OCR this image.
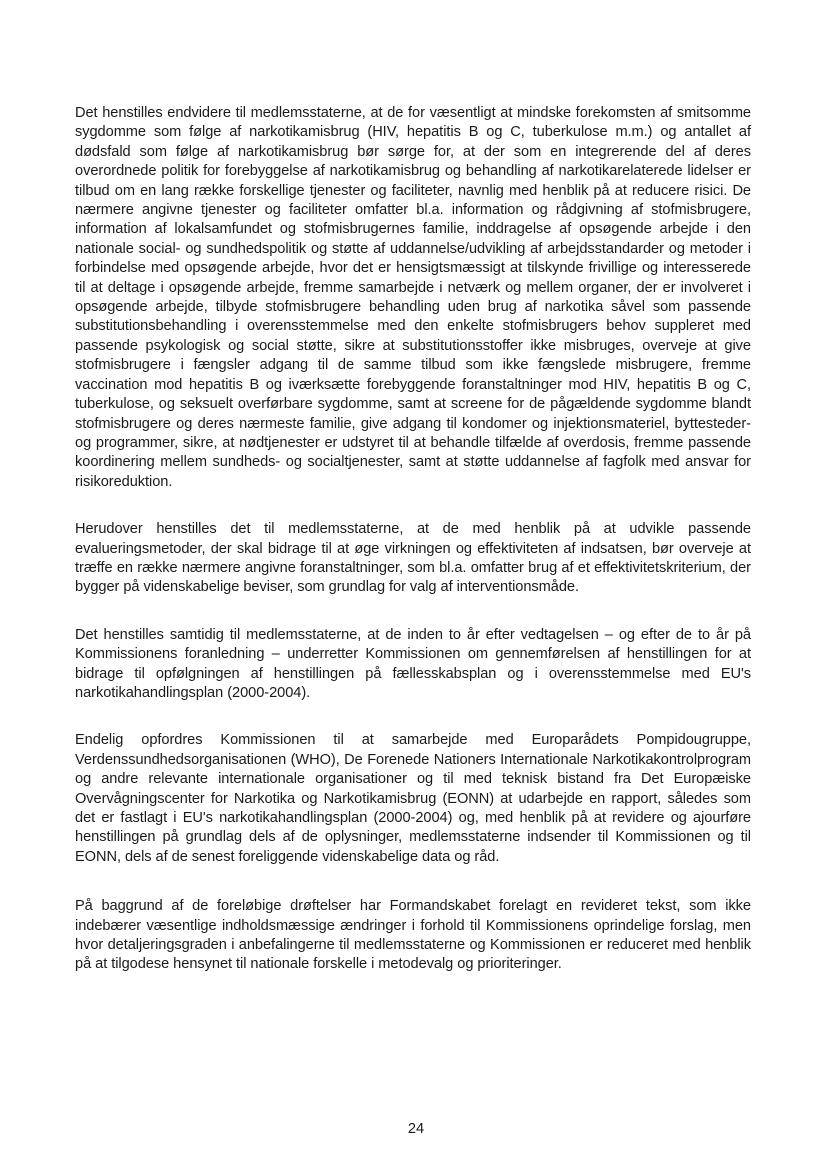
Det henstilles endvidere til medlemsstaterne, at de for væsentligt at mindske forekomsten af smitsomme sygdomme som følge af narkotikamisbrug (HIV, hepatitis B og C, tuberkulose m.m.) og antallet af dødsfald som følge af narkotikamisbrug bør sørge for, at der som en integrerende del af deres overordnede politik for forebyggelse af narkotikamisbrug og behandling af narkotikarelaterede lidelser er tilbud om en lang række forskellige tjenester og faciliteter, navnlig med henblik på at reducere risici. De nærmere angivne tjenester og faciliteter omfatter bl.a. information og rådgivning af stofmisbrugere, information af lokalsamfundet og stofmisbrugernes familie, inddragelse af opsøgende arbejde i den nationale social- og sundhedspolitik og støtte af uddannelse/udvikling af arbejdsstandarder og metoder i forbindelse med opsøgende arbejde, hvor det er hensigtsmæssigt at tilskynde frivillige og interesserede til at deltage i opsøgende arbejde, fremme samarbejde i netværk og mellem organer, der er involveret i opsøgende arbejde, tilbyde stofmisbrugere behandling uden brug af narkotika såvel som passende substitutionsbehandling i overensstemmelse med den enkelte stofmisbrugers behov suppleret med passende psykologisk og social støtte, sikre at substitutionsstoffer ikke misbruges, overveje at give stofmisbrugere i fængsler adgang til de samme tilbud som ikke fængslede misbrugere, fremme vaccination mod hepatitis B og iværksætte forebyggende foranstaltninger mod HIV, hepatitis B og C, tuberkulose, og seksuelt overførbare sygdomme, samt at screene for de pågældende sygdomme blandt stofmisbrugere og deres nærmeste familie, give adgang til kondomer og injektionsmateriel, byttesteder- og programmer, sikre, at nødtjenester er udstyret til at behandle tilfælde af overdosis, fremme passende koordinering mellem sundheds- og socialtjenester, samt at støtte uddannelse af fagfolk med ansvar for risikoreduktion.

Herudover henstilles det til medlemsstaterne, at de med henblik på at udvikle passende evalueringsmetoder, der skal bidrage til at øge virkningen og effektiviteten af indsatsen, bør overveje at træffe en række nærmere angivne foranstaltninger, som bl.a. omfatter brug af et effektivitetskriterium, der bygger på videnskabelige beviser, som grundlag for valg af interventionsmåde.

Det henstilles samtidig til medlemsstaterne, at de inden to år efter vedtagelsen – og efter de to år på Kommissionens foranledning – underretter Kommissionen om gennemførelsen af henstillingen for at bidrage til opfølgningen af henstillingen på fællesskabsplan og i overensstemmelse med EU's narkotikahandlingsplan (2000-2004).

Endelig opfordres Kommissionen til at samarbejde med Europarådets Pompidougruppe, Verdenssundhedsorganisationen (WHO), De Forenede Nationers Internationale Narkotikakontrolprogram og andre relevante internationale organisationer og til med teknisk bistand fra Det Europæiske Overvågningscenter for Narkotika og Narkotikamisbrug (EONN) at udarbejde en rapport, således som det er fastlagt i EU's narkotikahandlingsplan (2000-2004) og, med henblik på at revidere og ajourføre henstillingen på grundlag dels af de oplysninger, medlemsstaterne indsender til Kommissionen og til EONN, dels af de senest foreliggende videnskabelige data og råd.

På baggrund af de foreløbige drøftelser har Formandskabet forelagt en revideret tekst, som ikke indebærer væsentlige indholdsmæssige ændringer i forhold til Kommissionens oprindelige forslag, men hvor detaljeringsgraden i anbefalingerne til medlemsstaterne og Kommissionen er reduceret med henblik på at tilgodese hensynet til nationale forskelle i metodevalg og prioriteringer.

24
